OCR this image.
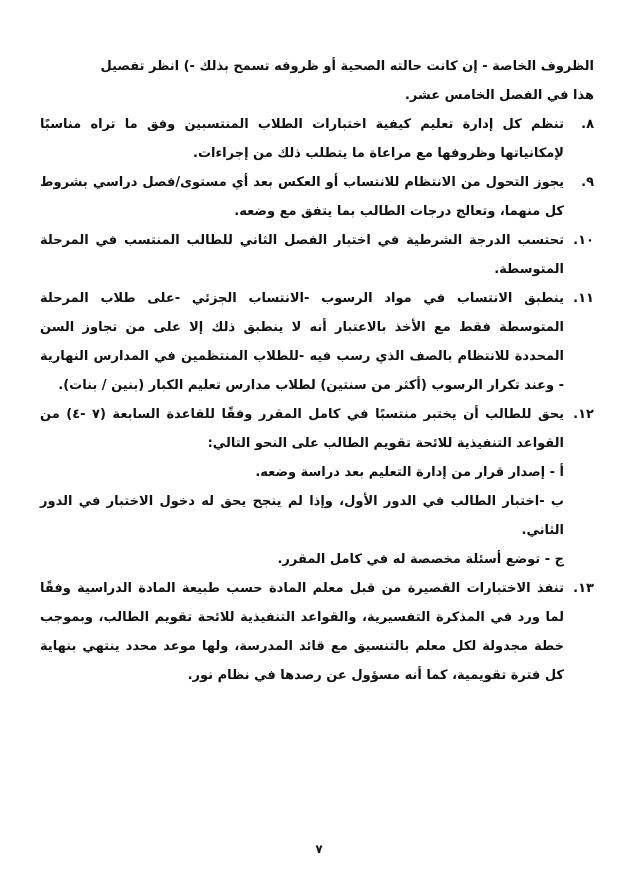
الظروف الخاصة - إن كانت حالته الصحية أو ظروفه تسمح بذلك -) انظر تفصيل

هذا في الفصل الخامس عشر.

٨.

تنظم كل إدارة تعليم كيفية اختبارات الطلاب المنتسبين وفق ما تراه مناسبًا لإمكانياتها وظروفها مع مراعاة ما يتطلب ذلك من إجراءات.

٩.

يجوز التحول من الانتظام للانتساب أو العكس بعد أي مستوى/فصل دراسي بشروط كل منهما، وتعالج درجات الطالب بما يتفق مع وضعه.

١٠.

تحتسب الدرجة الشرطية في اختبار الفصل الثاني للطالب المنتسب في المرحلة المتوسطة.

١١.

ينطبق الانتساب في مواد الرسوب -الانتساب الجزئي -على طلاب المرحلة المتوسطة فقط مع الأخذ بالاعتبار أنه لا ينطبق ذلك إلا على من تجاوز السن المحددة للانتظام بالصف الذي رسب فيه -للطلاب المنتظمين في المدارس النهارية - وعند تكرار الرسوب (أكثر من سنتين) لطلاب مدارس تعليم الكبار (بنين / بنات).

١٢.

يحق للطالب أن يختبر منتسبًا في كامل المقرر وفقًا للقاعدة السابعة (٧ -٤) من القواعد التنفيذية للائحة تقويم الطالب على النحو التالي:

أ - إصدار قرار من إدارة التعليم بعد دراسة وضعه.

ب -اختبار الطالب في الدور الأول، وإذا لم ينجح يحق له دخول الاختبار في الدور الثاني.

ج - توضع أسئلة مخصصة له في كامل المقرر.

١٣.

تنفذ الاختبارات القصيرة من قبل معلم المادة حسب طبيعة المادة الدراسية وفقًا لما ورد في المذكرة التفسيرية، والقواعد التنفيذية للائحة تقويم الطالب، وبموجب خطة مجدولة لكل معلم بالتنسيق مع قائد المدرسة، ولها موعد محدد ينتهي بنهاية كل فترة تقويمية، كما أنه مسؤول عن رصدها في نظام نور.

٧
